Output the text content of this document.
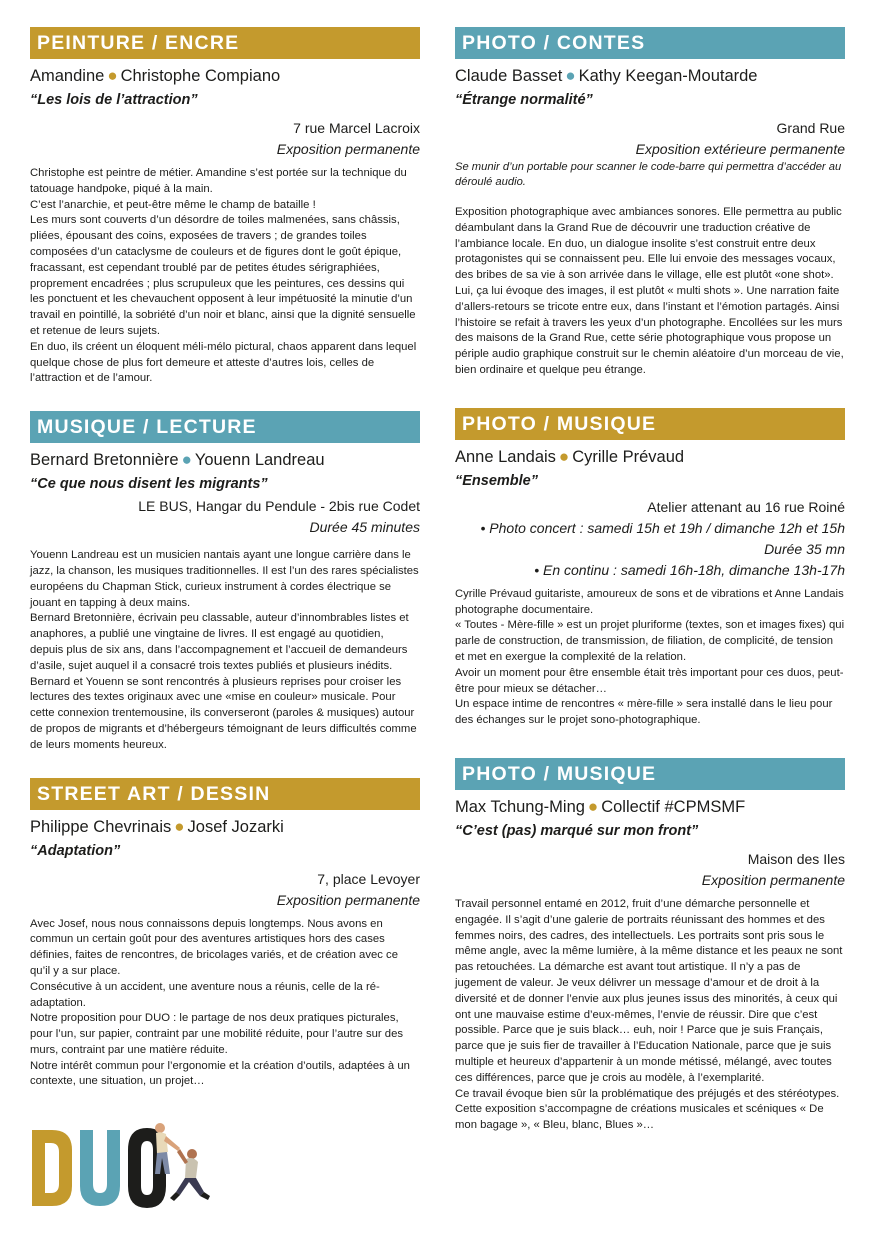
PEINTURE / ENCRE
Amandine ● Christophe Compiano
“Les lois de l’attraction”
7 rue Marcel Lacroix
Exposition permanente

Christophe est peintre de métier. Amandine s’est portée sur la technique du tatouage handpoke, piqué à la main.

C’est l’anarchie, et peut-être même le champ de bataille !

Les murs sont couverts d’un désordre de toiles malmenées, sans châssis, pliées, épousant des coins, exposées de travers ; de grandes toiles composées d’un cataclysme de couleurs et de figures dont le goût épique, fracassant, est cependant troublé par de petites études sérigraphiées, proprement encadrées ; plus scrupuleux que les peintures, ces dessins qui les ponctuent et les chevauchent opposent à leur impétuosité la minutie d’un travail en pointillé, la sobriété d’un noir et blanc, ainsi que la dignité sensuelle et retenue de leurs sujets.

En duo, ils créent un éloquent méli-mélo pictural, chaos apparent dans lequel quelque chose de plus fort demeure et atteste d’autres lois, celles de l’attraction et de l’amour.

MUSIQUE / LECTURE
Bernard Bretonnière ● Youenn Landreau
“Ce que nous disent les migrants”
LE BUS, Hangar du Pendule - 2bis rue Codet
Durée 45 minutes

Youenn Landreau est un musicien nantais ayant une longue carrière dans le jazz, la chanson, les musiques traditionnelles. Il est l’un des rares spécialistes européens du Chapman Stick, curieux instrument à cordes électrique se jouant en tapping à deux mains.

Bernard Bretonnière, écrivain peu classable, auteur d’innombrables listes et anaphores, a publié une vingtaine de livres. Il est engagé au quotidien, depuis plus de six ans, dans l’accompagnement et l’accueil de demandeurs d’asile, sujet auquel il a consacré trois textes publiés et plusieurs inédits.

Bernard et Youenn se sont rencontrés à plusieurs reprises pour croiser les lectures des textes originaux avec une «mise en couleur» musicale. Pour cette connexion trentemousine, ils converseront (paroles & musiques) autour de propos de migrants et d’hébergeurs témoignant de leurs difficultés comme de leurs moments heureux.

STREET ART / DESSIN
Philippe Chevrinais ● Josef Jozarki
“Adaptation”
7, place Levoyer
Exposition permanente

Avec Josef, nous nous connaissons depuis longtemps. Nous avons en commun un certain goût pour des aventures artistiques hors des cases définies, faites de rencontres, de bricolages variés, et de création avec ce qu’il y a sur place.

Consécutive à un accident, une aventure nous a réunis, celle de la ré-adaptation.

Notre proposition pour DUO : le partage de nos deux pratiques picturales, pour l’un, sur papier, contraint par une mobilité réduite, pour l’autre sur des murs, contraint par une matière réduite.

Notre intérêt commun pour l’ergonomie et la création d’outils, adaptées à un contexte, une situation, un projet…

PHOTO / CONTES
Claude Basset ● Kathy Keegan-Moutarde
“Étrange normalité”
Grand Rue
Exposition extérieure permanente
Se munir d’un portable pour scanner le code-barre qui permettra d’accéder au déroulé audio.

Exposition photographique avec ambiances sonores. Elle permettra au public déambulant dans la Grand Rue de découvrir une traduction créative de l’ambiance locale. En duo, un dialogue insolite s’est construit entre deux protagonistes qui se connaissent peu. Elle lui envoie des messages vocaux, des bribes de sa vie à son arrivée dans le village, elle est plutôt «one shot».

Lui, ça lui évoque des images, il est plutôt « multi shots ». Une narration faite d’allers-retours se tricote entre eux, dans l’instant et l’émotion partagés. Ainsi l’histoire se refait à travers les yeux d’un photographe. Encollées sur les murs des maisons de la Grand Rue, cette série photographique vous propose un périple audio graphique construit sur le chemin aléatoire d’un morceau de vie, bien ordinaire et quelque peu étrange.

PHOTO / MUSIQUE
Anne Landais ● Cyrille Prévaud
“Ensemble”
Atelier attenant au 16 rue Roiné
• Photo concert : samedi 15h et 19h / dimanche 12h et 15h
Durée 35 mn
• En continu : samedi 16h-18h, dimanche 13h-17h

Cyrille Prévaud guitariste, amoureux de sons et de vibrations et Anne Landais photographe documentaire.

« Toutes - Mère-fille » est un projet pluriforme (textes, son et images fixes) qui parle de construction, de transmission, de filiation, de complicité, de tension et met en exergue la complexité de la relation.

Avoir un moment pour être ensemble était très important pour ces duos, peut-être pour mieux se détacher…

Un espace intime de rencontres « mère-fille » sera installé dans le lieu pour des échanges sur le projet sono-photographique.

PHOTO / MUSIQUE
Max Tchung-Ming ● Collectif #CPMSMF
“C’est (pas) marqué sur mon front”
Maison des Iles
Exposition permanente

Travail personnel entamé en 2012, fruit d’une démarche personnelle et engagée. Il s’agit d’une galerie de portraits réunissant des hommes et des femmes noirs, des cadres, des intellectuels. Les portraits sont pris sous le même angle, avec la même lumière, à la même distance et les peaux ne sont pas retouchées. La démarche est avant tout artistique. Il n’y a pas de jugement de valeur. Je veux délivrer un message d’amour et de droit à la diversité et de donner l’envie aux plus jeunes issus des minorités, à ceux qui ont une mauvaise estime d’eux-mêmes, l’envie de réussir. Dire que c’est possible. Parce que je suis black… euh, noir ! Parce que je suis Français, parce que je suis fier de travailler à l’Education Nationale, parce que je suis multiple et heureux d’appartenir à un monde métissé, mélangé, avec toutes ces différences, parce que je crois au modèle, à l’exemplarité.

Ce travail évoque bien sûr la problématique des préjugés et des stéréotypes.

Cette exposition s’accompagne de créations musicales et scéniques « De mon bagage », « Bleu, blanc, Blues »…
